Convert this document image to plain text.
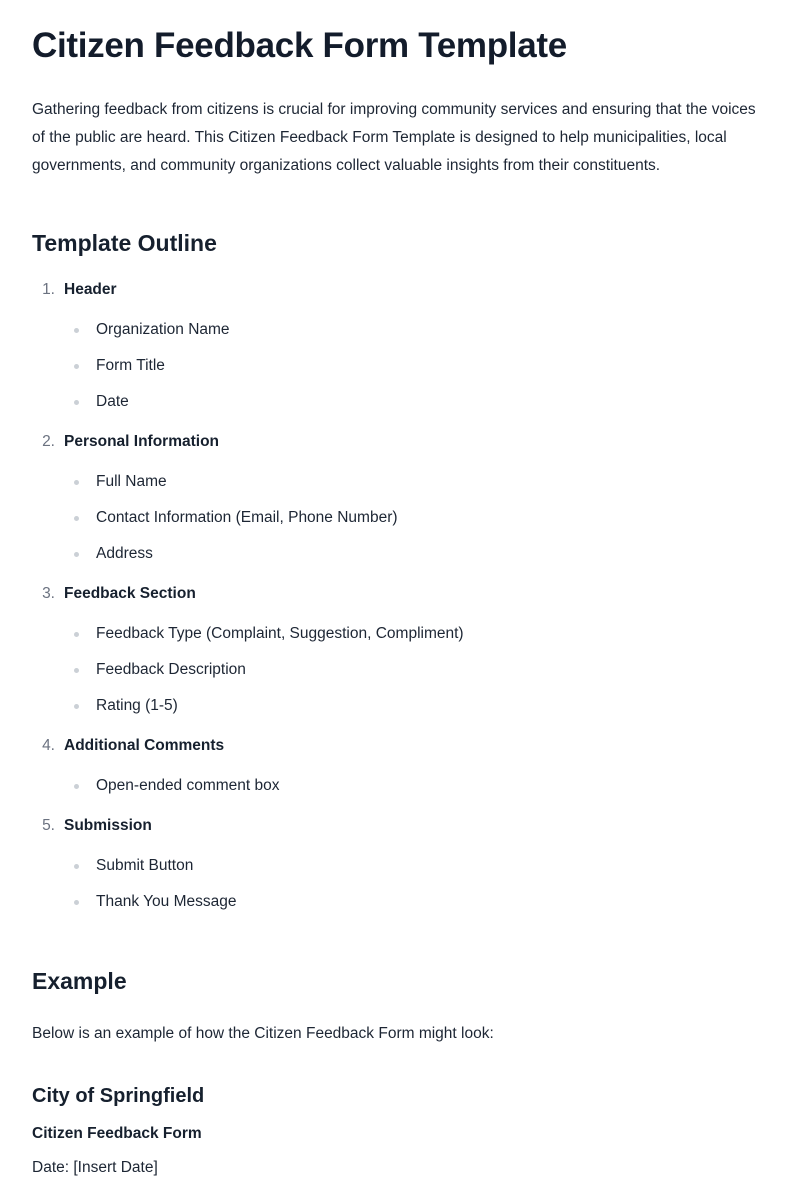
Citizen Feedback Form Template

Gathering feedback from citizens is crucial for improving community services and ensuring that the voices of the public are heard. This Citizen Feedback Form Template is designed to help municipalities, local governments, and community organizations collect valuable insights from their constituents.

Template Outline
1. Header
Organization Name
Form Title
Date
2. Personal Information
Full Name
Contact Information (Email, Phone Number)
Address
3. Feedback Section
Feedback Type (Complaint, Suggestion, Compliment)
Feedback Description
Rating (1-5)
4. Additional Comments
Open-ended comment box
5. Submission
Submit Button
Thank You Message
Example

Below is an example of how the Citizen Feedback Form might look:

City of Springfield

Citizen Feedback Form

Date: [Insert Date]
